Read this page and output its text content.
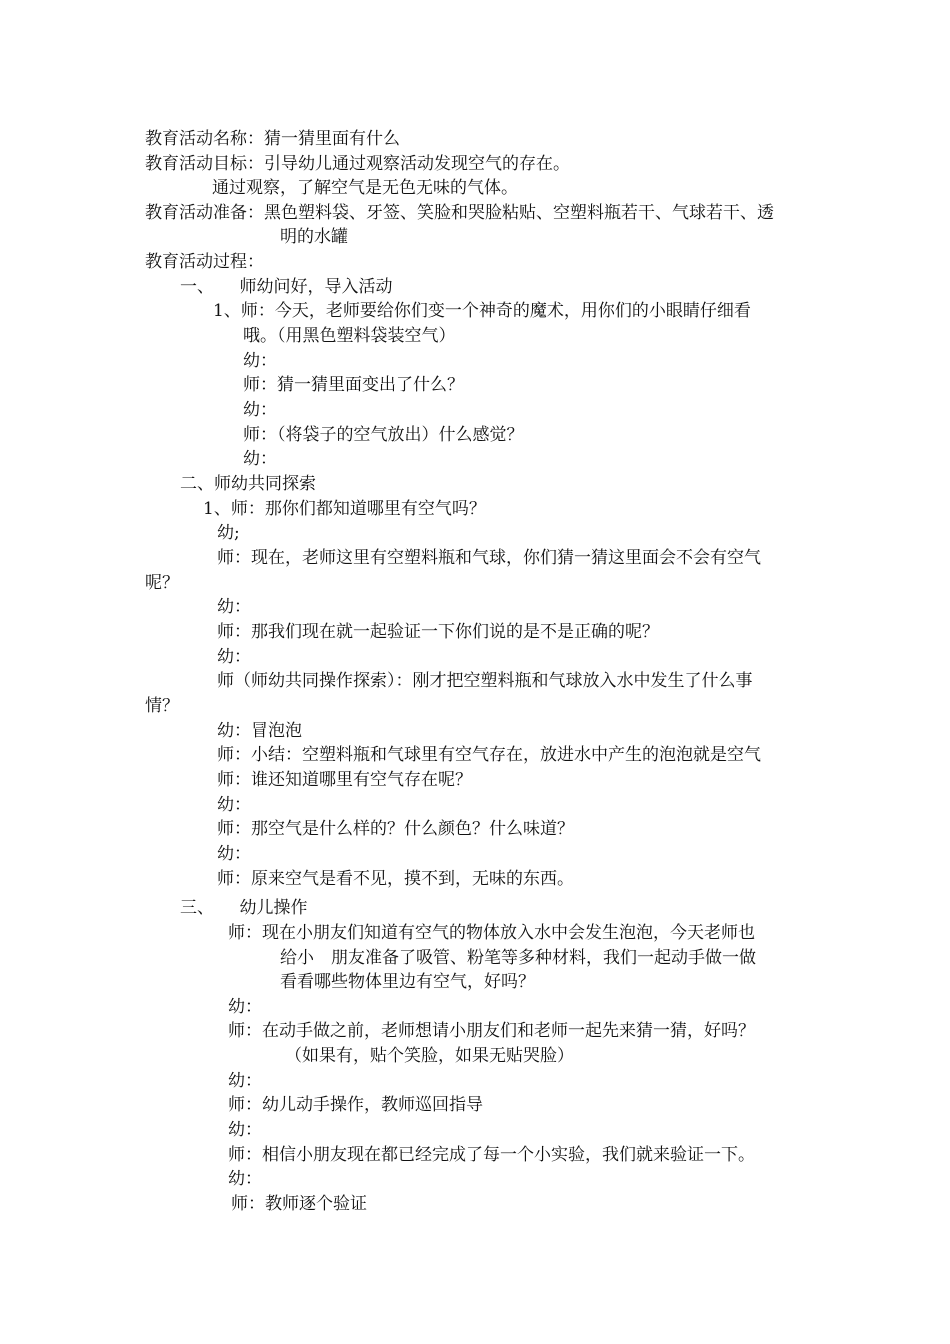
教育活动名称：猜一猜里面有什么
教育活动目标：引导幼儿通过观察活动发现空气的存在。
通过观察，了解空气是无色无味的气体。
教育活动准备：黑色塑料袋、牙签、笑脸和哭脸粘贴、空塑料瓶若干、气球若干、透
明的水罐
教育活动过程：
一、　　师幼问好，导入活动
1、师：今天，老师要给你们变一个神奇的魔术，用你们的小眼睛仔细看
哦。（用黑色塑料袋装空气）
幼：
师：猜一猜里面变出了什么？
幼：
师：（将袋子的空气放出）什么感觉？
幼：
二、师幼共同探索
1、师：那你们都知道哪里有空气吗？
幼;
师：现在，老师这里有空塑料瓶和气球，你们猜一猜这里面会不会有空气
呢？
幼：
师：那我们现在就一起验证一下你们说的是不是正确的呢？
幼：
师（师幼共同操作探索）：刚才把空塑料瓶和气球放入水中发生了什么事
情？
幼：冒泡泡
师：小结：空塑料瓶和气球里有空气存在，放进水中产生的泡泡就是空气
师：谁还知道哪里有空气存在呢？
幼：
师：那空气是什么样的？什么颜色？什么味道？
幼：
师：原来空气是看不见，摸不到，无味的东西。
三、　　幼儿操作
师：现在小朋友们知道有空气的物体放入水中会发生泡泡，今天老师也
给小　朋友准备了吸管、粉笔等多种材料，我们一起动手做一做
看看哪些物体里边有空气，好吗？
幼：
师：在动手做之前，老师想请小朋友们和老师一起先来猜一猜，好吗？
（如果有，贴个笑脸，如果无贴哭脸）
幼：
师：幼儿动手操作，教师巡回指导
幼：
师：相信小朋友现在都已经完成了每一个小实验，我们就来验证一下。
幼：
师：教师逐个验证
